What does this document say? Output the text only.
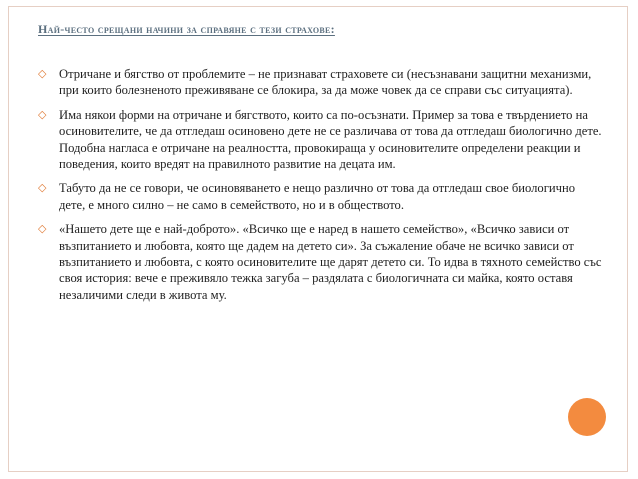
Най-често срещани начини за справяне с тези страхове:
◇ Отричане и бягство от проблемите – не признават страховете си (несъзнавани защитни механизми, при които болезненото преживяване се блокира, за да може човек да се справи със ситуацията).
◇ Има някои форми на отричане и бягството, които са по-осъзнати. Пример за това е твърдението на осиновителите, че да отгледаш осиновено дете не се различава от това да отгледаш биологично дете. Подобна нагласа е отричане на реалността, провокираща у осиновителите определени реакции и поведения, които вредят на правилното развитие на децата им.
◇ Табуто да не се говори, че осиновяването е нещо различно от това да отгледаш свое биологично дете, е много силно – не само в семейството, но и в обществото.
◇ «Нашето дете ще е най-доброто». «Всичко ще е наред в нашето семейство», «Всичко зависи от възпитанието и любовта, която ще дадем на детето си». За съжаление обаче не всичко зависи от възпитанието и любовта, с която осиновителите ще дарят детето си. То идва в тяхното семейство със своя история: вече е преживяло тежка загуба – раздялата с биологичната си майка, която оставя незаличими следи в живота му.
